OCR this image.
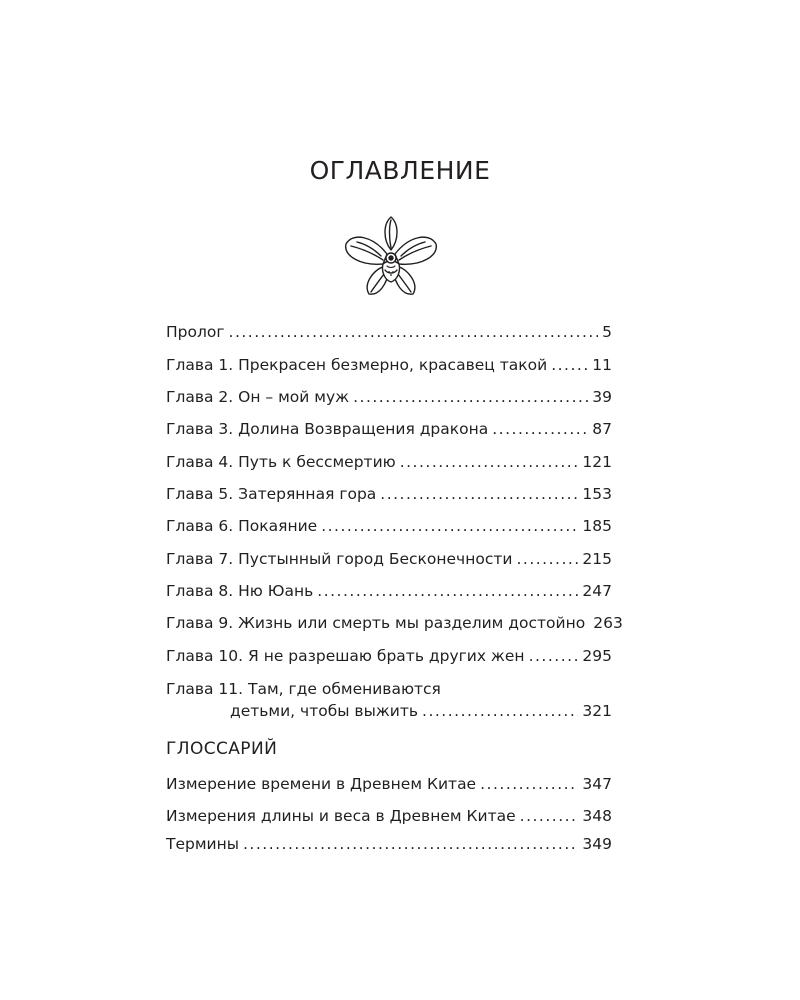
ОГЛАВЛЕНИЕ
Пролог .....	5
Глава 1. Прекрасен безмерно, красавец такой .....	11
Глава 2. Он – мой муж .....	39
Глава 3. Долина Возвращения дракона .....	87
Глава 4. Путь к бессмертию .....	121
Глава 5. Затерянная гора .....	153
Глава 6. Покаяние .....	185
Глава 7. Пустынный город Бесконечности .....	215
Глава 8. Ню Юань .....	247
Глава 9. Жизнь или смерть мы разделим достойно 263
Глава 10. Я не разрешаю брать других жен .....	295
Глава 11. Там, где обмениваются
детьми, чтобы выжить .....	321
ГЛОССАРИЙ
Измерение времени в Древнем Китае .....	347
Измерения длины и веса в Древнем Китае .....	348
Термины .....	349
